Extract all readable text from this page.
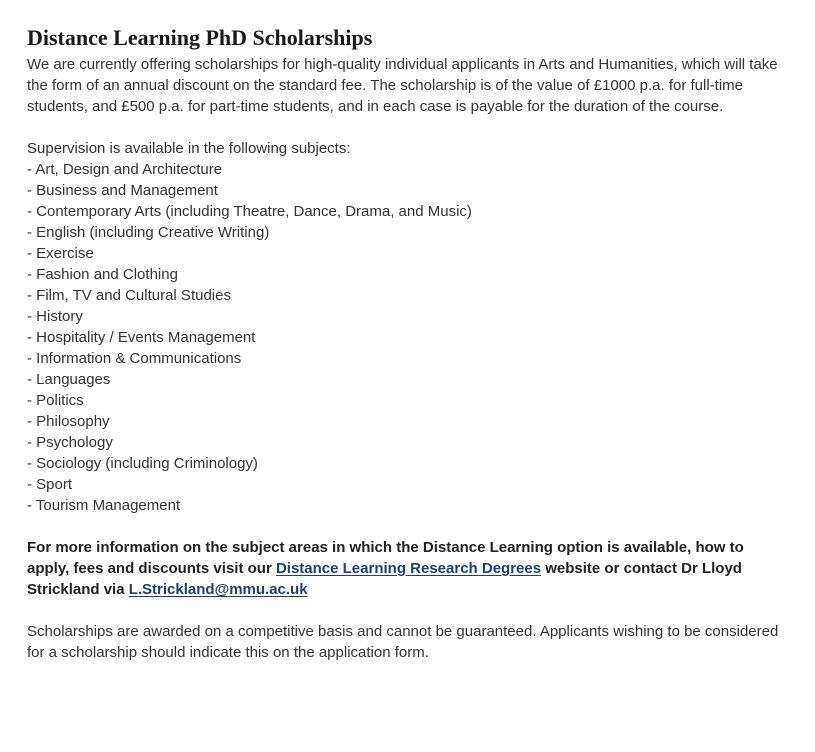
Distance Learning PhD Scholarships

We are currently offering scholarships for high-quality individual applicants in Arts and Humanities, which will take the form of an annual discount on the standard fee. The scholarship is of the value of £1000 p.a. for full-time students, and £500 p.a. for part-time students, and in each case is payable for the duration of the course.

Supervision is available in the following subjects:
- Art, Design and Architecture
- Business and Management
- Contemporary Arts (including Theatre, Dance, Drama, and Music)
- English (including Creative Writing)
- Exercise
- Fashion and Clothing
- Film, TV and Cultural Studies
- History
- Hospitality / Events Management
- Information & Communications
- Languages
- Politics
- Philosophy
- Psychology
- Sociology (including Criminology)
- Sport
- Tourism Management

For more information on the subject areas in which the Distance Learning option is available, how to apply, fees and discounts visit our Distance Learning Research Degrees website or contact Dr Lloyd Strickland via L.Strickland@mmu.ac.uk

Scholarships are awarded on a competitive basis and cannot be guaranteed. Applicants wishing to be considered for a scholarship should indicate this on the application form.
